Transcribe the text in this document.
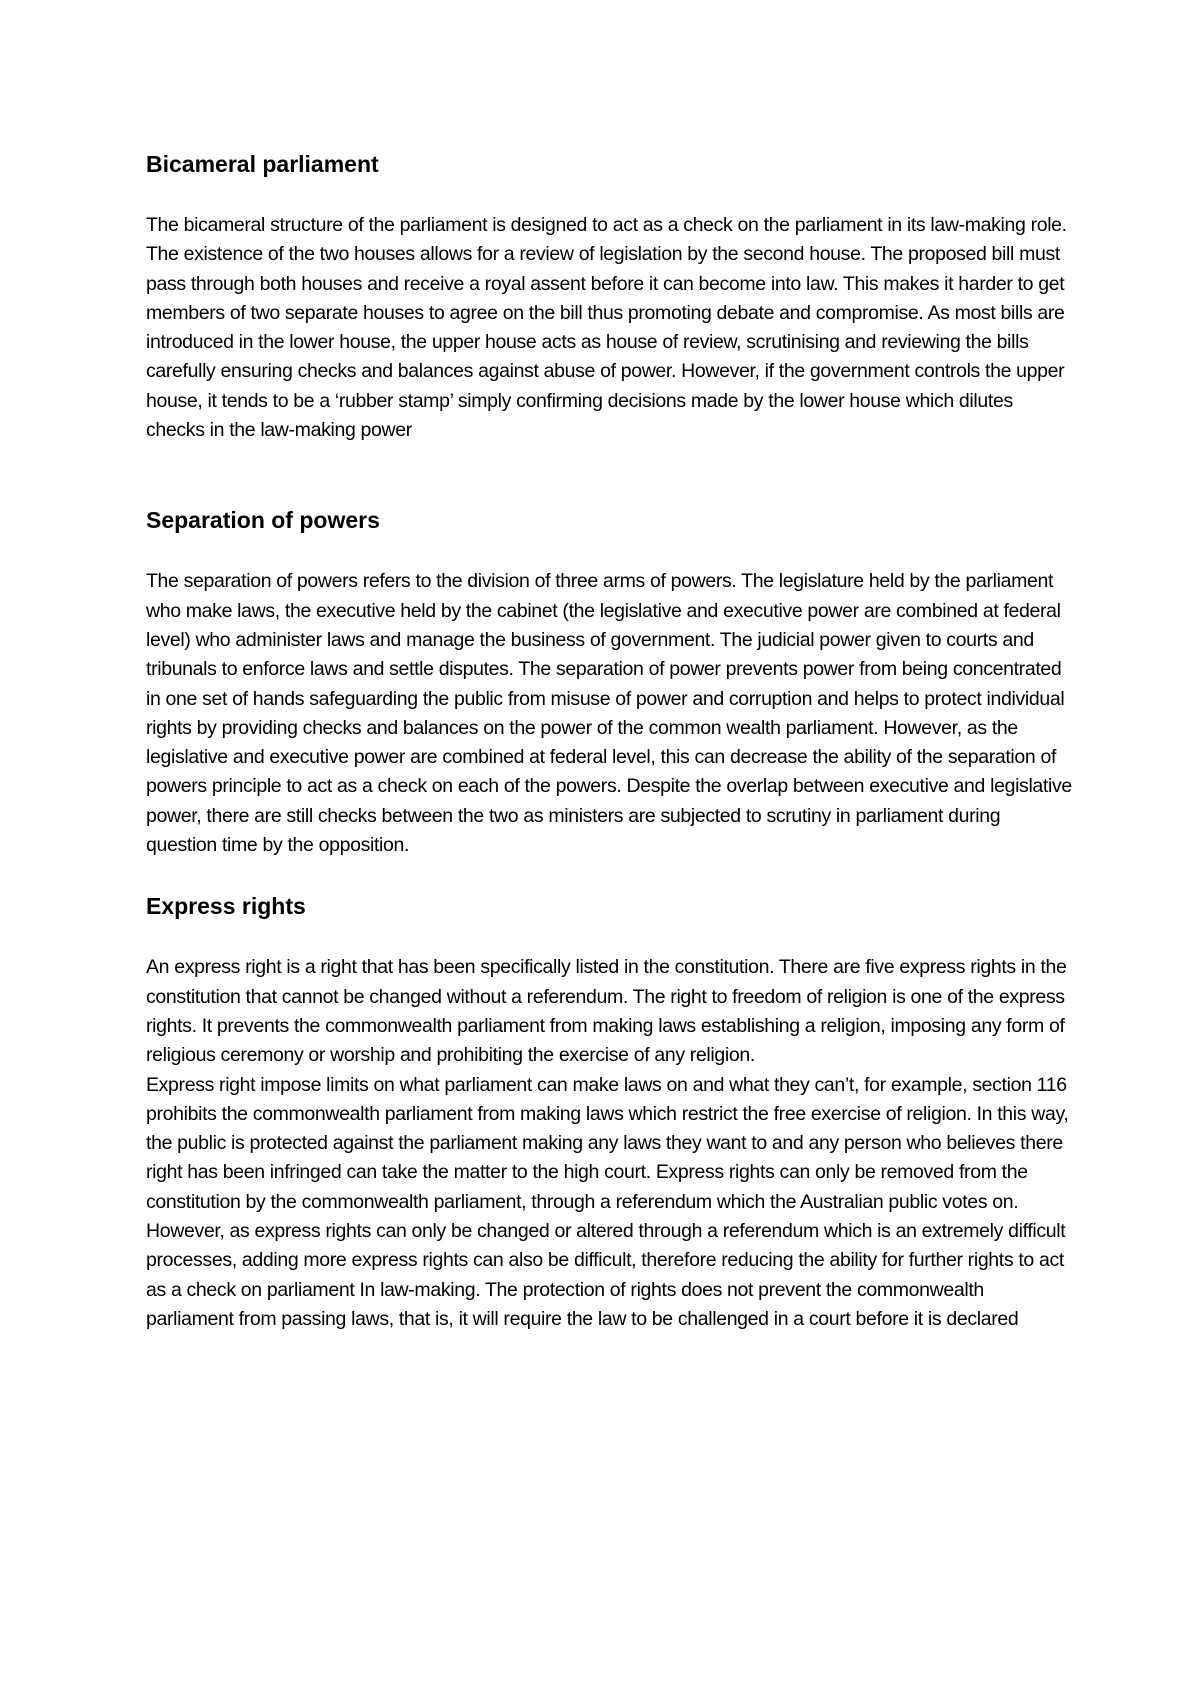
Bicameral parliament

The bicameral structure of the parliament is designed to act as a check on the parliament in its law-making role. The existence of the two houses allows for a review of legislation by the second house. The proposed bill must pass through both houses and receive a royal assent before it can become into law. This makes it harder to get members of two separate houses to agree on the bill thus promoting debate and compromise. As most bills are introduced in the lower house, the upper house acts as house of review, scrutinising and reviewing the bills carefully ensuring checks and balances against abuse of power. However, if the government controls the upper house, it tends to be a ‘rubber stamp’ simply confirming decisions made by the lower house which dilutes checks in the law-making power

Separation of powers

The separation of powers refers to the division of three arms of powers. The legislature held by the parliament who make laws, the executive held by the cabinet (the legislative and executive power are combined at federal level) who administer laws and manage the business of government. The judicial power given to courts and tribunals to enforce laws and settle disputes. The separation of power prevents power from being concentrated in one set of hands safeguarding the public from misuse of power and corruption and helps to protect individual rights by providing checks and balances on the power of the common wealth parliament. However, as the legislative and executive power are combined at federal level, this can decrease the ability of the separation of powers principle to act as a check on each of the powers. Despite the overlap between executive and legislative power, there are still checks between the two as ministers are subjected to scrutiny in parliament during question time by the opposition.

Express rights

An express right is a right that has been specifically listed in the constitution. There are five express rights in the constitution that cannot be changed without a referendum. The right to freedom of religion is one of the express rights. It prevents the commonwealth parliament from making laws establishing a religion, imposing any form of religious ceremony or worship and prohibiting the exercise of any religion.

Express right impose limits on what parliament can make laws on and what they can’t, for example, section 116 prohibits the commonwealth parliament from making laws which restrict the free exercise of religion. In this way, the public is protected against the parliament making any laws they want to and any person who believes there right has been infringed can take the matter to the high court. Express rights can only be removed from the constitution by the commonwealth parliament, through a referendum which the Australian public votes on. However, as express rights can only be changed or altered through a referendum which is an extremely difficult processes, adding more express rights can also be difficult, therefore reducing the ability for further rights to act as a check on parliament In law-making. The protection of rights does not prevent the commonwealth parliament from passing laws, that is, it will require the law to be challenged in a court before it is declared
